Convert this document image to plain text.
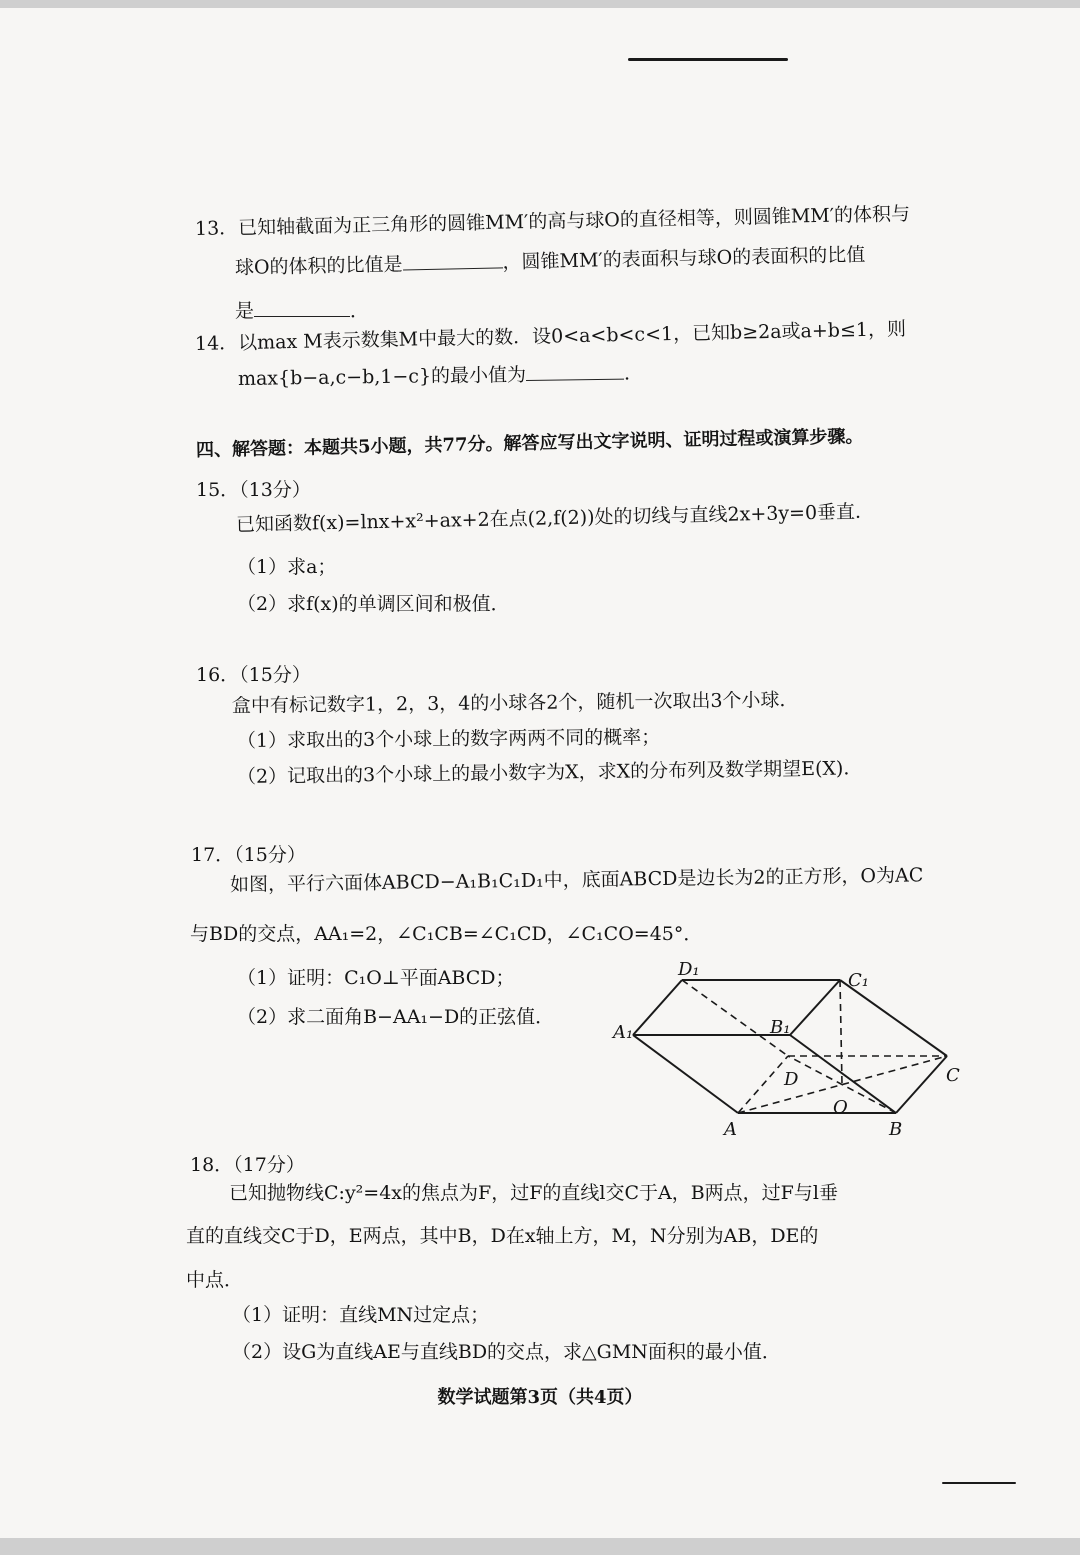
13．已知轴截面为正三角形的圆锥MM′的高与球O的直径相等，则圆锥MM′的体积与
球O的体积的比值是	，圆锥MM′的表面积与球O的表面积的比值
是	．
14．以max M表示数集M中最大的数．设0<a<b<c<1，已知b≥2a或a+b≤1，则
max{b−a,c−b,1−c}的最小值为	．
四、解答题：本题共5小题，共77分。解答应写出文字说明、证明过程或演算步骤。
15．（13分）
已知函数f(x)=lnx+x²+ax+2在点(2,f(2))处的切线与直线2x+3y=0垂直．
（1）求a；
（2）求f(x)的单调区间和极值．
16．（15分）
盒中有标记数字1，2，3，4的小球各2个，随机一次取出3个小球．
（1）求取出的3个小球上的数字两两不同的概率；
（2）记取出的3个小球上的最小数字为X，求X的分布列及数学期望E(X)．
17．（15分）
如图，平行六面体ABCD−A₁B₁C₁D₁中，底面ABCD是边长为2的正方形，O为AC
与BD的交点，AA₁=2，∠C₁CB=∠C₁CD，∠C₁CO=45°．
（1）证明：C₁O⊥平面ABCD；
（2）求二面角B−AA₁−D的正弦值．
D₁
C₁
A₁	B₁
D	C
O
A	B
18．（17分）
已知抛物线C:y²=4x的焦点为F，过F的直线l交C于A，B两点，过F与l垂
直的直线交C于D，E两点，其中B，D在x轴上方，M，N分别为AB，DE的
中点．
（1）证明：直线MN过定点；
（2）设G为直线AE与直线BD的交点，求△GMN面积的最小值．
数学试题第3页（共4页）
